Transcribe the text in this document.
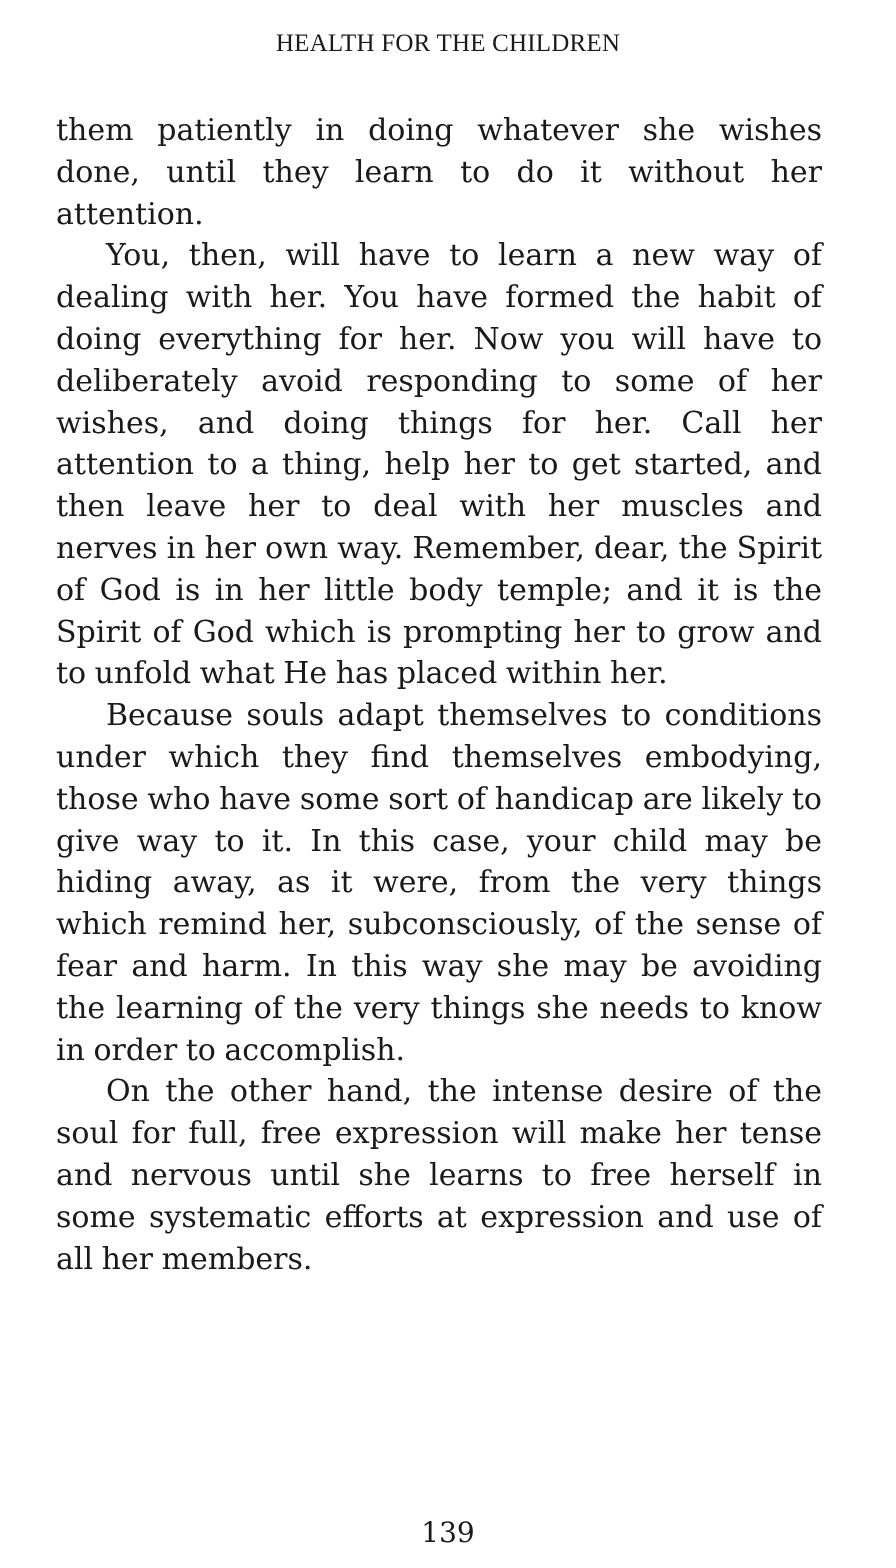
HEALTH FOR THE CHILDREN

them patiently in doing whatever she wishes done, until they learn to do it without her attention.

You, then, will have to learn a new way of dealing with her. You have formed the habit of doing everything for her. Now you will have to deliberately avoid responding to some of her wishes, and doing things for her. Call her attention to a thing, help her to get started, and then leave her to deal with her muscles and nerves in her own way. Remember, dear, the Spirit of God is in her little body temple; and it is the Spirit of God which is prompting her to grow and to unfold what He has placed within her.

Because souls adapt themselves to conditions under which they find themselves embodying, those who have some sort of handicap are likely to give way to it. In this case, your child may be hiding away, as it were, from the very things which remind her, subconsciously, of the sense of fear and harm. In this way she may be avoiding the learning of the very things she needs to know in order to accomplish.

On the other hand, the intense desire of the soul for full, free expression will make her tense and nervous until she learns to free herself in some systematic efforts at expression and use of all her members.

139
